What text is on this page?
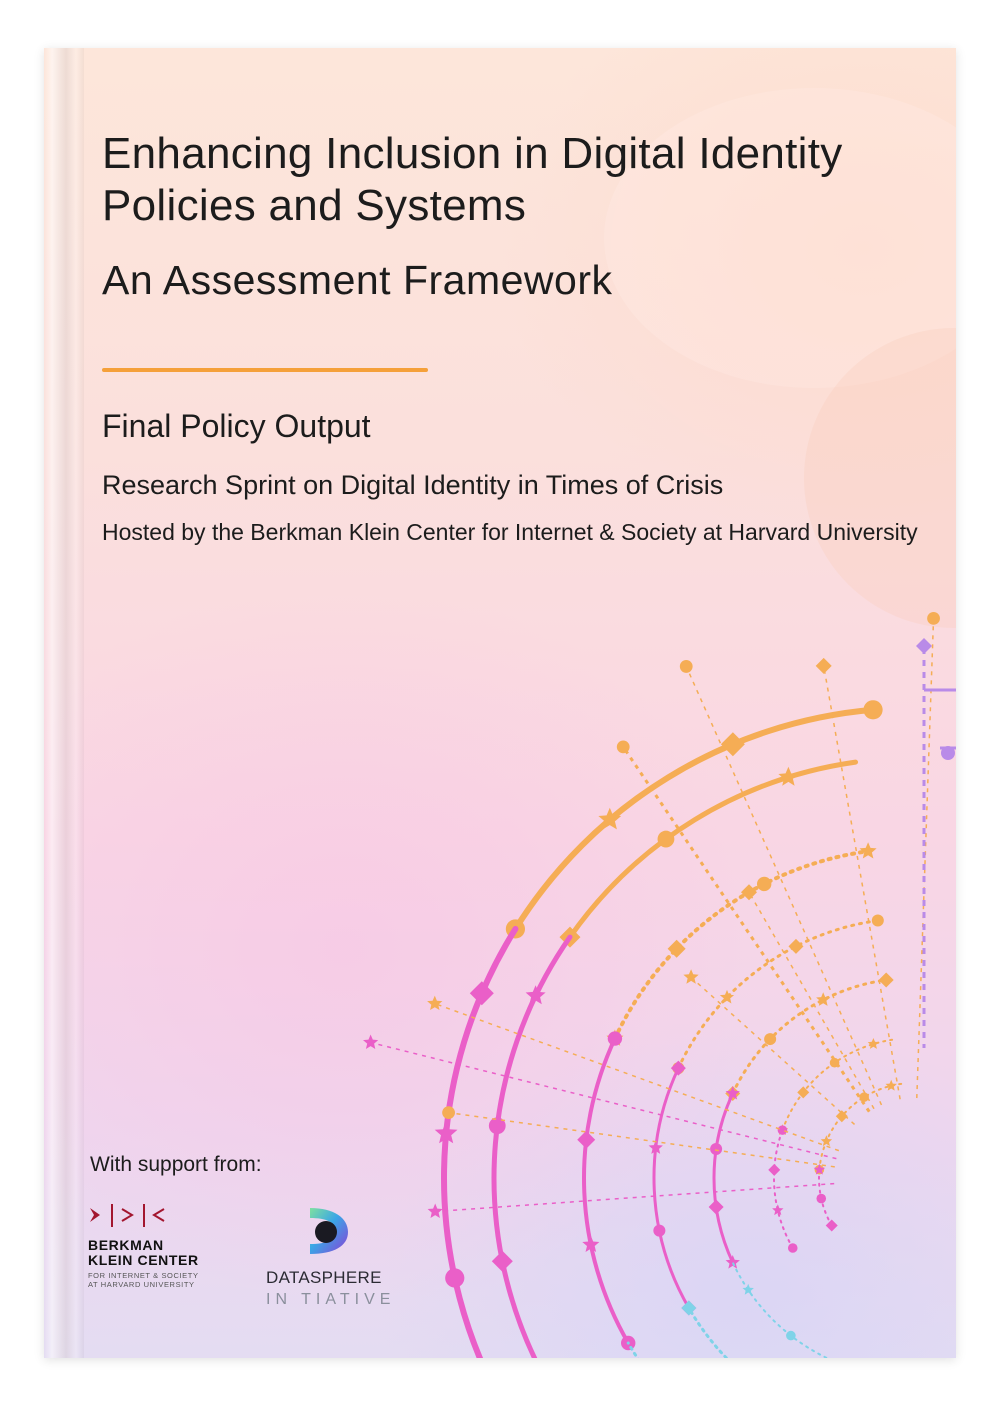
Enhancing Inclusion in Digital Identity Policies and Systems
An Assessment Framework

Final Policy Output

Research Sprint on Digital Identity in Times of Crisis

Hosted by the Berkman Klein Center for Internet & Society at Harvard University

With support from:

BERKMAN
KLEIN CENTER
FOR INTERNET & SOCIETY
AT HARVARD UNIVERSITY	DATASPHERE
IN TIATIVE
